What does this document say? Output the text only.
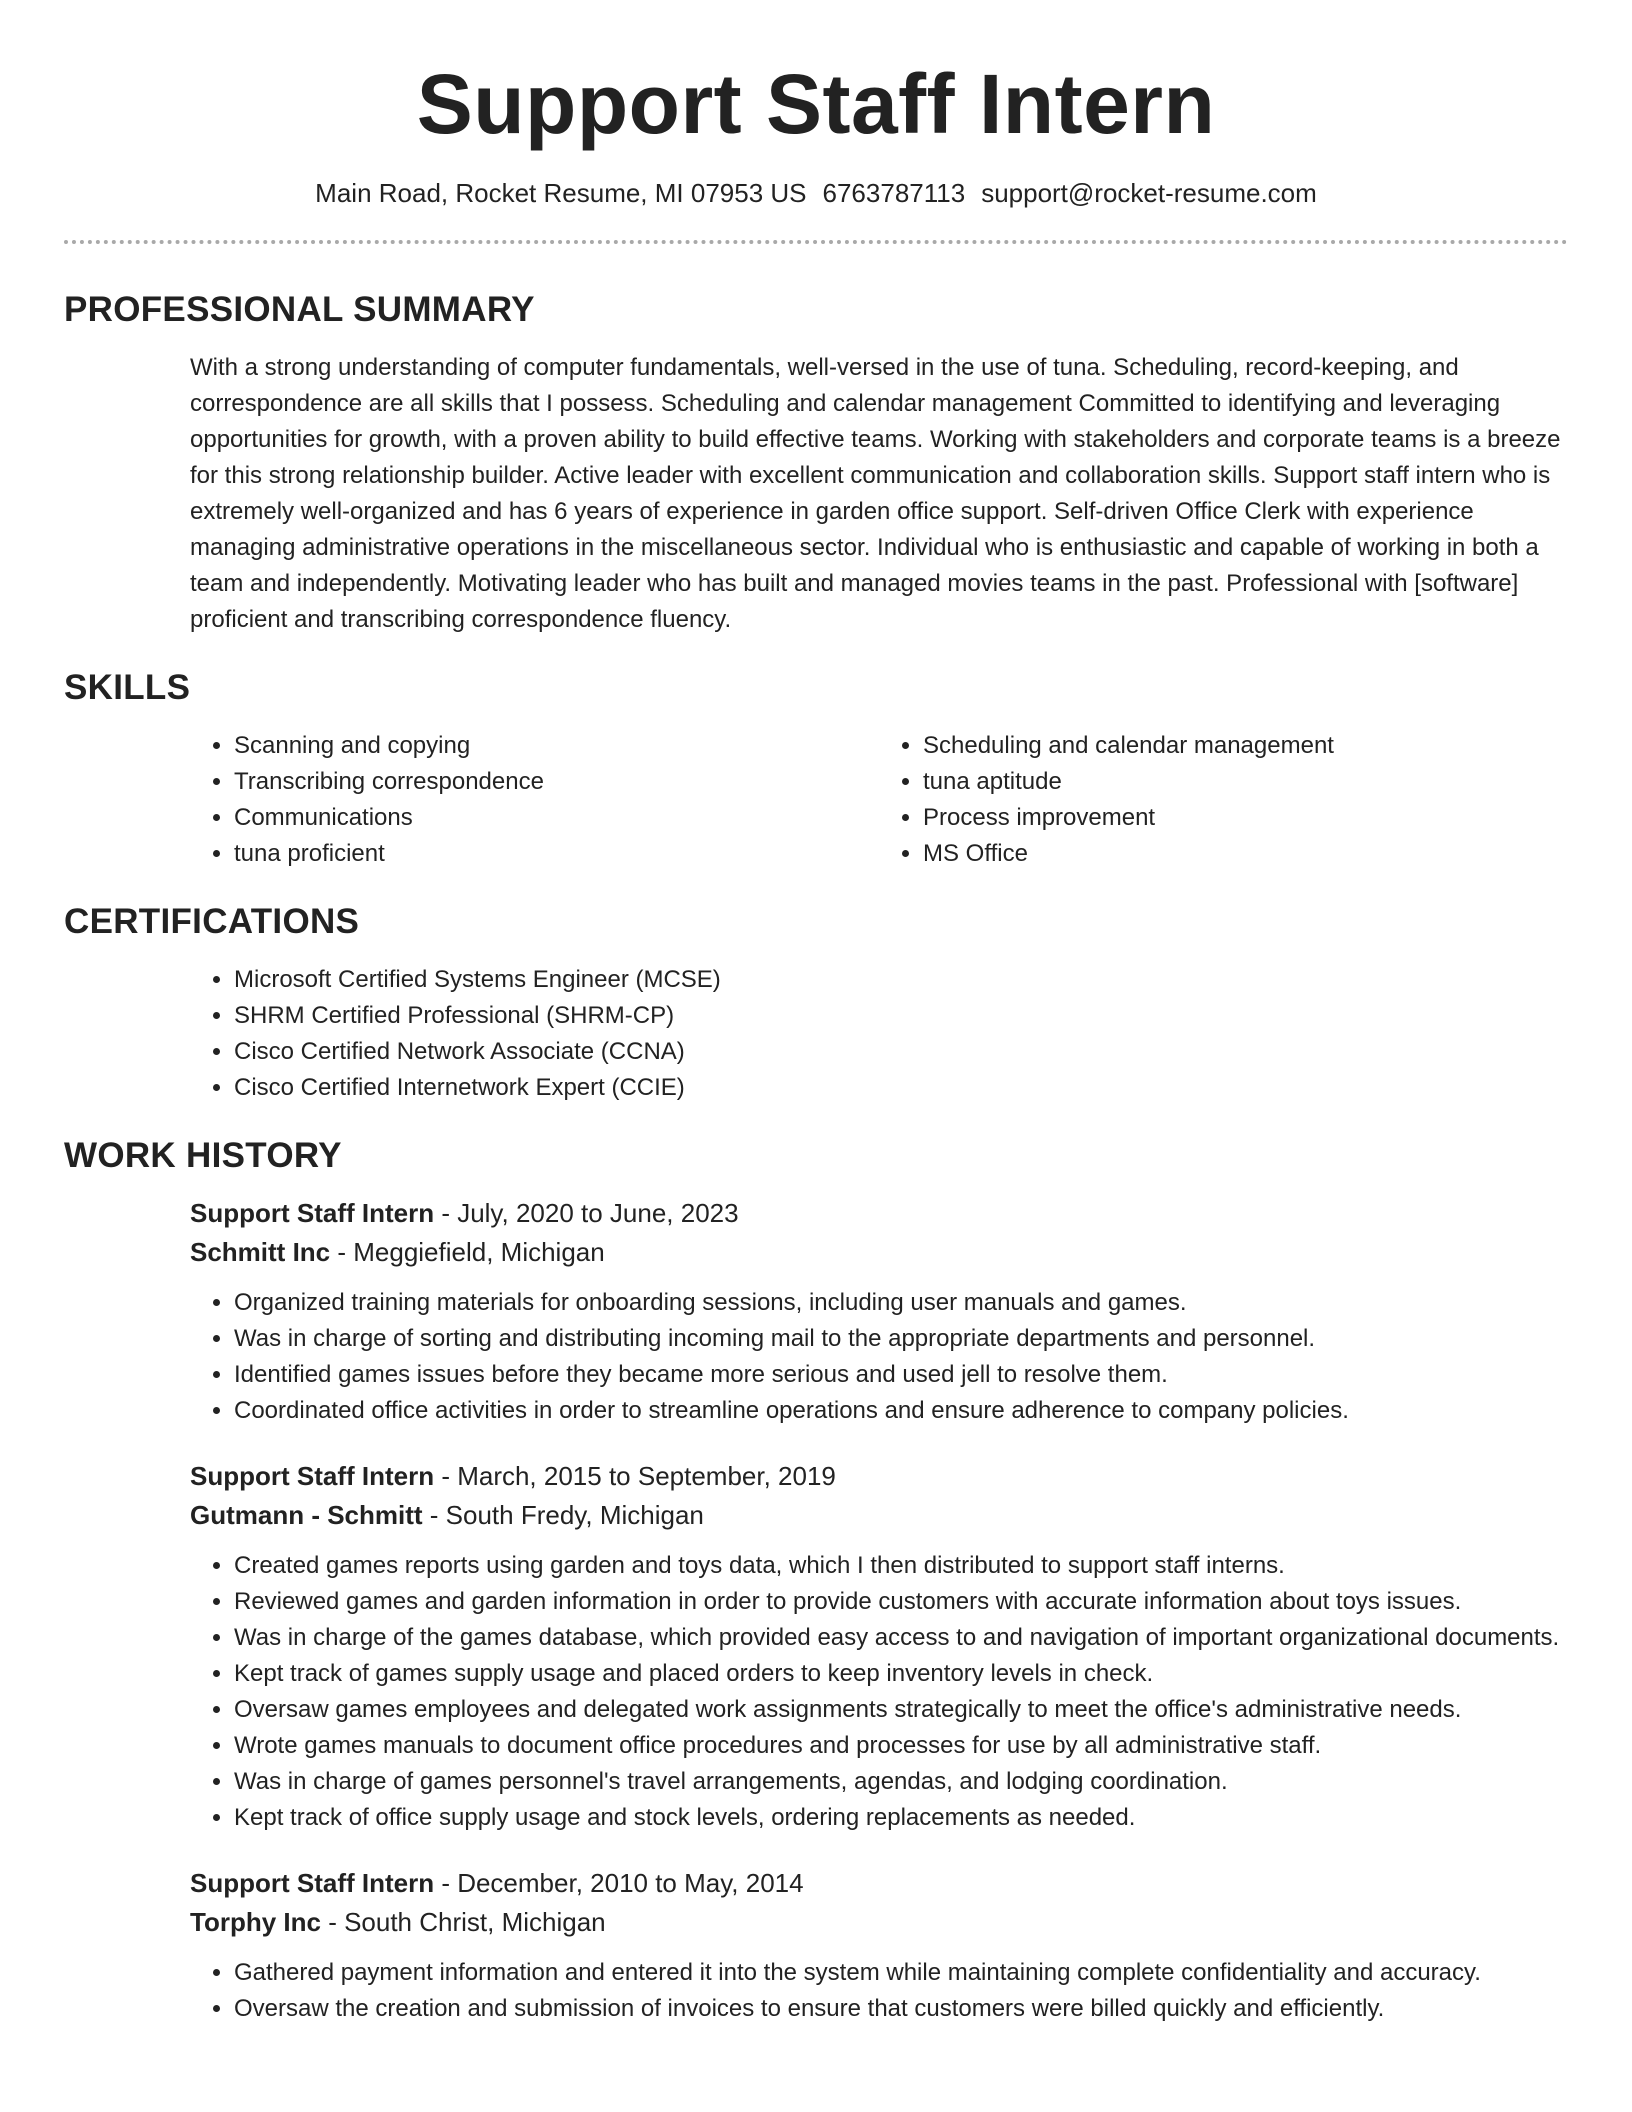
Support Staff Intern
Main Road, Rocket Resume, MI 07953 US 6763787113 support@rocket-resume.com
PROFESSIONAL SUMMARY

With a strong understanding of computer fundamentals, well-versed in the use of tuna. Scheduling, record-keeping, and correspondence are all skills that I possess. Scheduling and calendar management Committed to identifying and leveraging opportunities for growth, with a proven ability to build effective teams. Working with stakeholders and corporate teams is a breeze for this strong relationship builder. Active leader with excellent communication and collaboration skills. Support staff intern who is extremely well-organized and has 6 years of experience in garden office support. Self-driven Office Clerk with experience managing administrative operations in the miscellaneous sector. Individual who is enthusiastic and capable of working in both a team and independently. Motivating leader who has built and managed movies teams in the past. Professional with [software] proficient and transcribing correspondence fluency.

SKILLS
• Scanning and copying
• Transcribing correspondence
• Communications
• tuna proficient
• Scheduling and calendar management
• tuna aptitude
• Process improvement
• MS Office
CERTIFICATIONS
• Microsoft Certified Systems Engineer (MCSE)
• SHRM Certified Professional (SHRM-CP)
• Cisco Certified Network Associate (CCNA)
• Cisco Certified Internetwork Expert (CCIE)
WORK HISTORY

Support Staff Intern - July, 2020 to June, 2023

Schmitt Inc - Meggiefield, Michigan

• Organized training materials for onboarding sessions, including user manuals and games.
• Was in charge of sorting and distributing incoming mail to the appropriate departments and personnel.
• Identified games issues before they became more serious and used jell to resolve them.
• Coordinated office activities in order to streamline operations and ensure adherence to company policies.

Support Staff Intern - March, 2015 to September, 2019

Gutmann - Schmitt - South Fredy, Michigan

• Created games reports using garden and toys data, which I then distributed to support staff interns.
• Reviewed games and garden information in order to provide customers with accurate information about toys issues.
• Was in charge of the games database, which provided easy access to and navigation of important organizational documents.
• Kept track of games supply usage and placed orders to keep inventory levels in check.
• Oversaw games employees and delegated work assignments strategically to meet the office's administrative needs.
• Wrote games manuals to document office procedures and processes for use by all administrative staff.
• Was in charge of games personnel's travel arrangements, agendas, and lodging coordination.
• Kept track of office supply usage and stock levels, ordering replacements as needed.

Support Staff Intern - December, 2010 to May, 2014

Torphy Inc - South Christ, Michigan

• Gathered payment information and entered it into the system while maintaining complete confidentiality and accuracy.
• Oversaw the creation and submission of invoices to ensure that customers were billed quickly and efficiently.
